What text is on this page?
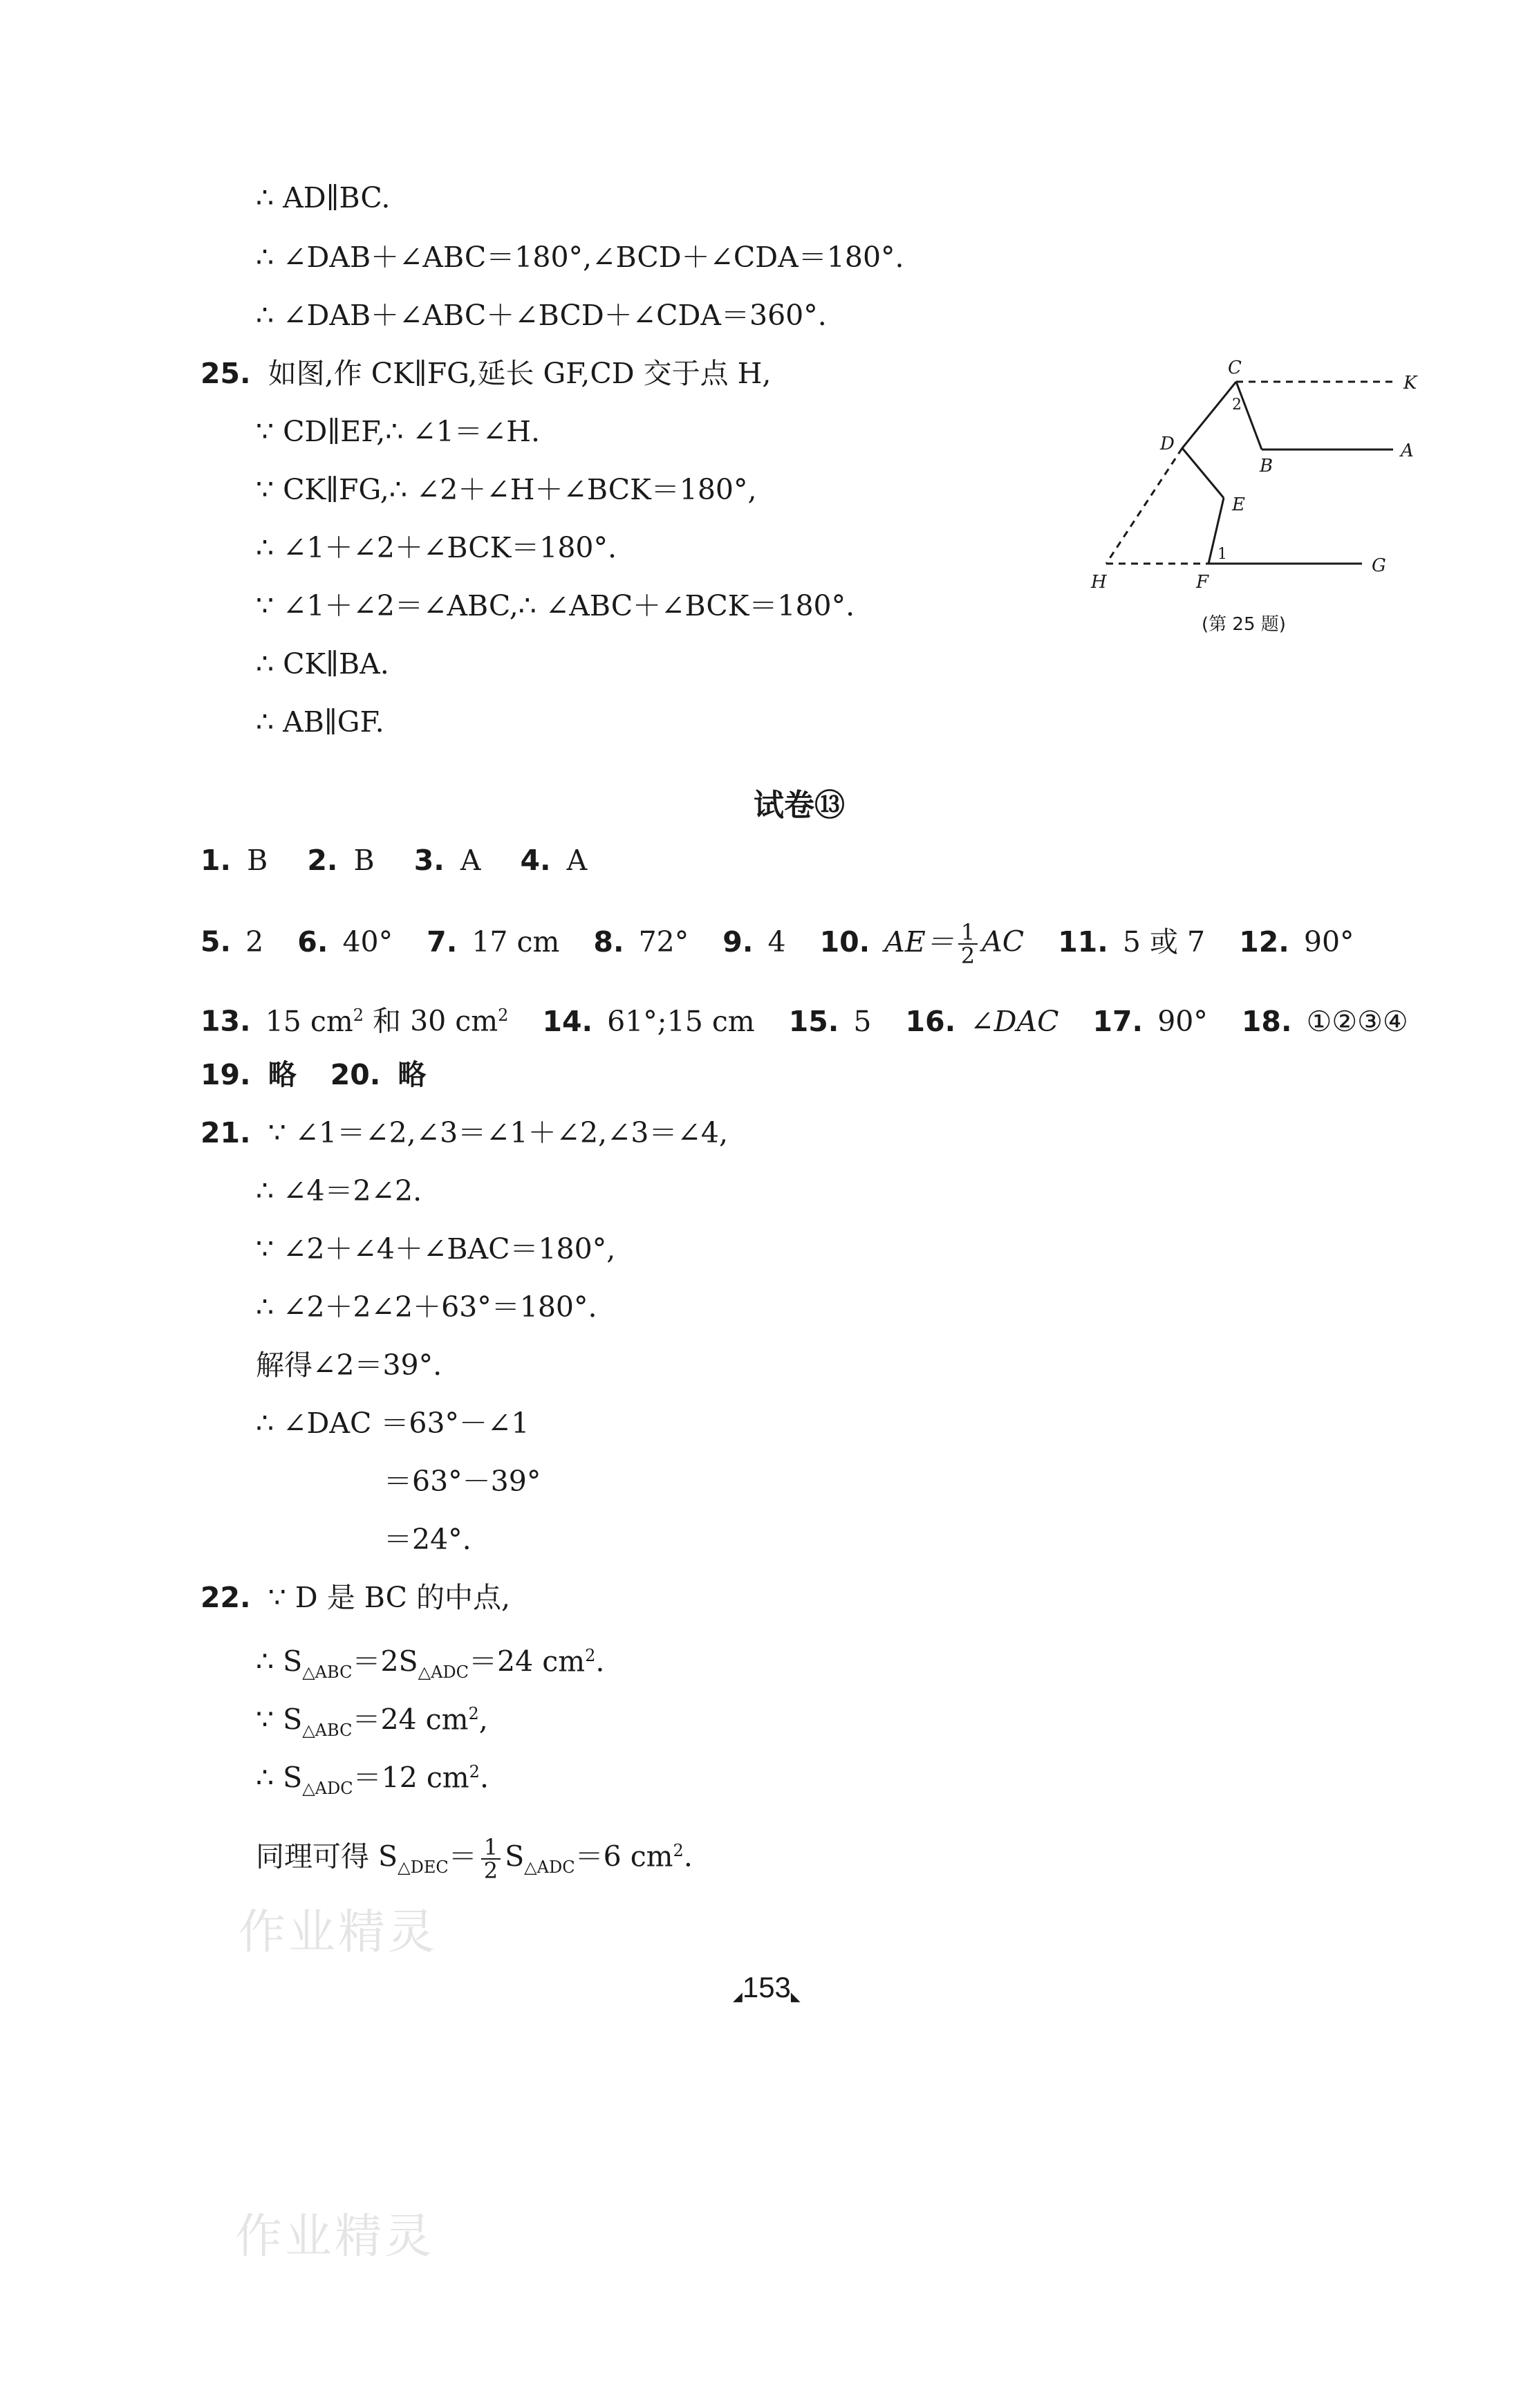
∴ AD∥BC.
∴ ∠DAB＋∠ABC＝180°,∠BCD＋∠CDA＝180°.
∴ ∠DAB＋∠ABC＋∠BCD＋∠CDA＝360°.
25. 如图,作 CK∥FG,延长 GF,CD 交于点 H,
∵ CD∥EF,∴ ∠1＝∠H.
∵ CK∥FG,∴ ∠2＋∠H＋∠BCK＝180°,
∴ ∠1＋∠2＋∠BCK＝180°.
∵ ∠1＋∠2＝∠ABC,∴ ∠ABC＋∠BCK＝180°.
∴ CK∥BA.
∴ AB∥GF.
C
K
D
B
A
E
H	F
G
1
2
(第 25 题)
试卷⑬
1. B 2. B 3. A 4. A
5. 2 6. 40° 7. 17 cm 8. 72° 9. 4 10. $AE= \frac{1}{2}$ AC 11. 5 或 7 12. 90°
13. 15 $cm^2$ 和 30 $cm^2$ 14. 61°;15 cm 15. 5 16. ∠DAC 17. 90° 18. ①②③④
19. 略 20. 略
21. ∵ ∠1＝∠2,∠3＝∠1＋∠2,∠3＝∠4,
∴ ∠4＝2∠2.
∵ ∠2＋∠4＋∠BAC＝180°,
∴ ∠2＋2∠2＋63°＝180°.
解得∠2＝39°.
∴ ∠DAC ＝63°－∠1
＝63°－39°
＝24°.
22. ∵ D 是 BC 的中点,
∴ $S_{\triangle ABC}=2S_{\triangle ADC}=24$ $cm^2$.
∵ $S_{\triangle ABC}=24$ $cm^2$,
∴ $S_{\triangle ADC}=12$ $cm^2$.
同理可得 $S_{\triangle DEC}= \frac{1}{2} S_{\triangle ADC}=6$ $cm^2$.
作业精灵
作业精灵
◢153◣
